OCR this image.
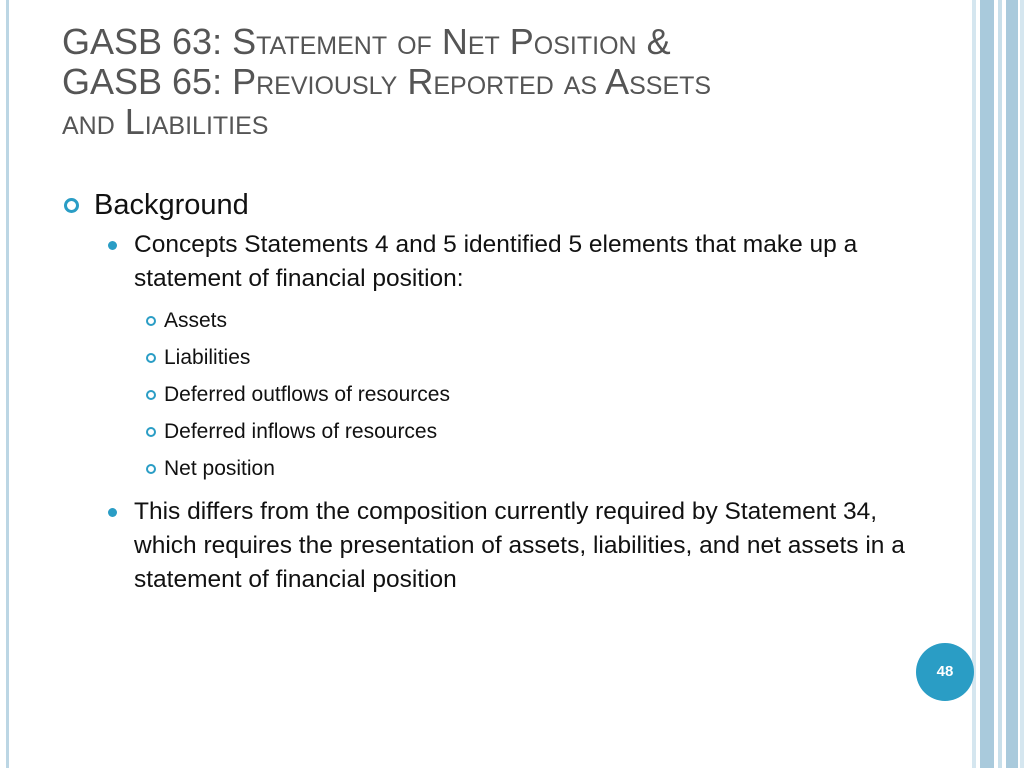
GASB 63: Statement of Net Position &
GASB 65: Previously Reported as Assets
and Liabilities
Background
Concepts Statements 4 and 5 identified 5 elements that make up a statement of financial position:
Assets
Liabilities
Deferred outflows of resources
Deferred inflows of resources
Net position
This differs from the composition currently required by Statement 34, which requires the presentation of assets, liabilities, and net assets in a statement of financial position
48
